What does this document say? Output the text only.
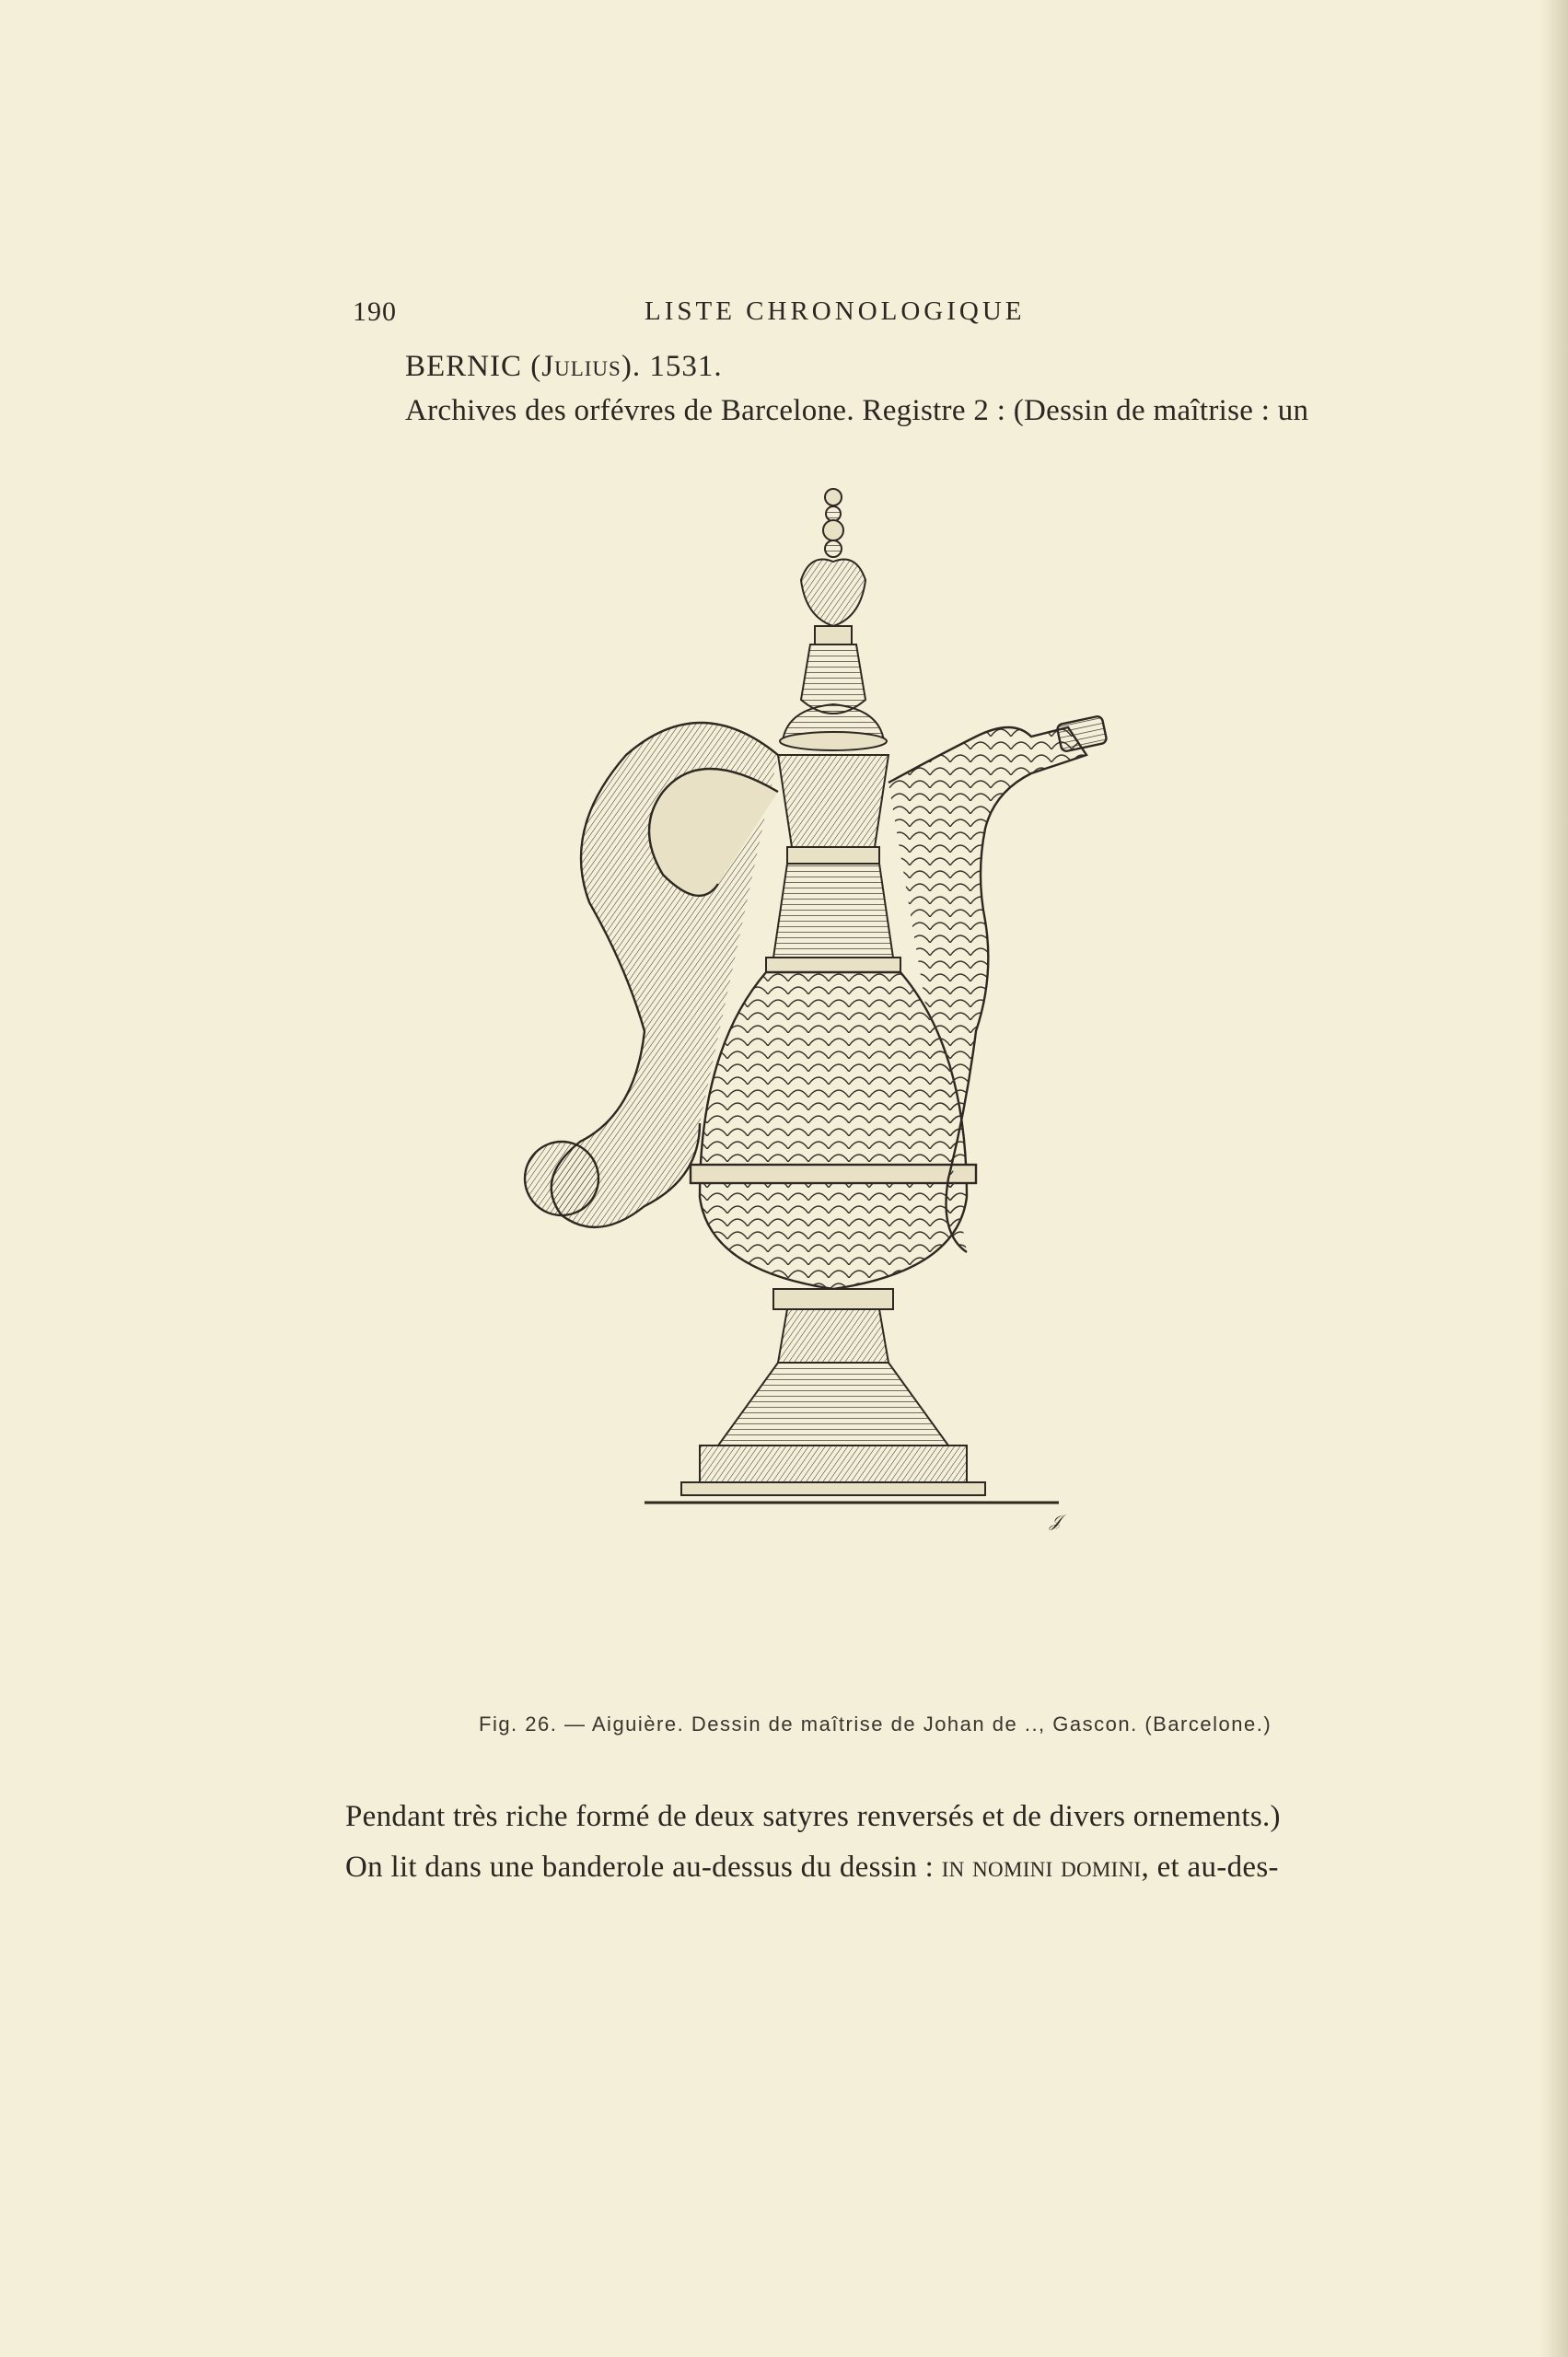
190	LISTE CHRONOLOGIQUE
BERNIC (Julius). 1531.
Archives des orfévres de Barcelone. Registre 2 : (Dessin de maîtrise : un
𝒥
Fig. 26. — Aiguière. Dessin de maîtrise de Johan de .., Gascon. (Barcelone.)
Pendant très riche formé de deux satyres renversés et de divers ornements.)
On lit dans une banderole au-dessus du dessin : in nomini domini, et au-des-
